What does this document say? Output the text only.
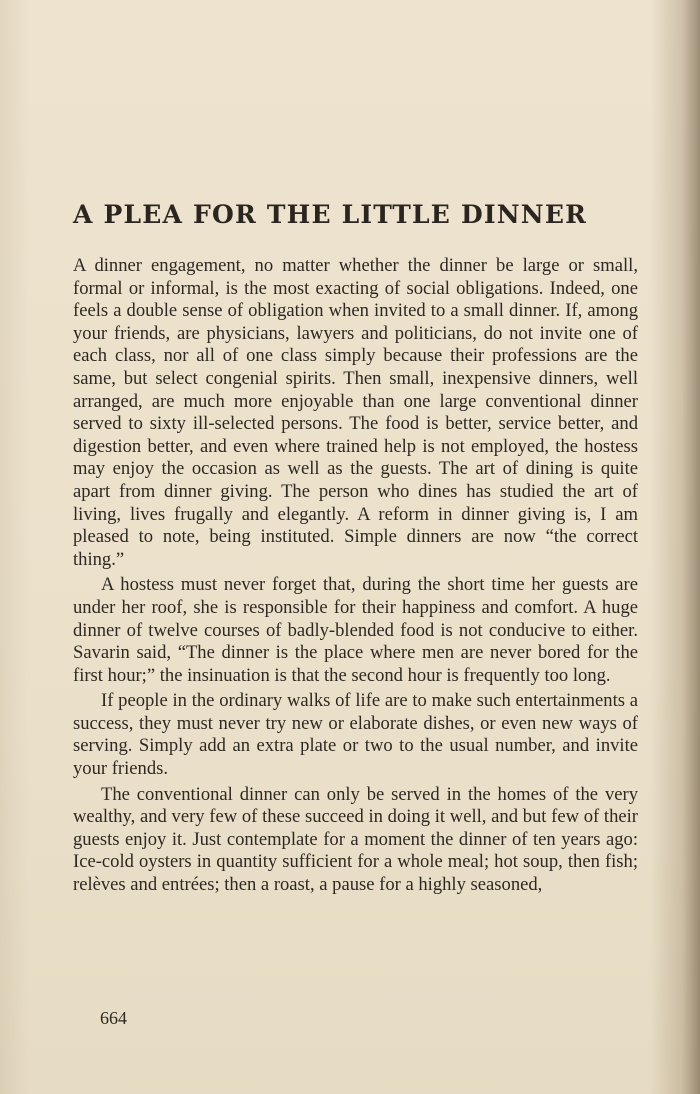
A PLEA FOR THE LITTLE DINNER

A dinner engagement, no matter whether the dinner be large or small, formal or informal, is the most exacting of social obligations. Indeed, one feels a double sense of obligation when invited to a small dinner. If, among your friends, are physicians, lawyers and politicians, do not invite one of each class, nor all of one class simply because their professions are the same, but select congenial spirits. Then small, inexpensive dinners, well arranged, are much more enjoyable than one large conventional dinner served to sixty ill-selected persons. The food is better, service better, and digestion better, and even where trained help is not employed, the hostess may enjoy the occasion as well as the guests. The art of dining is quite apart from dinner giving. The person who dines has studied the art of living, lives frugally and elegantly. A reform in dinner giving is, I am pleased to note, being instituted. Simple dinners are now “the correct thing.”

A hostess must never forget that, during the short time her guests are under her roof, she is responsible for their happiness and comfort. A huge dinner of twelve courses of badly-blended food is not conducive to either. Savarin said, “The dinner is the place where men are never bored for the first hour;” the insinuation is that the second hour is frequently too long.

If people in the ordinary walks of life are to make such entertainments a success, they must never try new or elaborate dishes, or even new ways of serving. Simply add an extra plate or two to the usual number, and invite your friends.

The conventional dinner can only be served in the homes of the very wealthy, and very few of these succeed in doing it well, and but few of their guests enjoy it. Just contemplate for a moment the dinner of ten years ago: Ice-cold oysters in quantity sufficient for a whole meal; hot soup, then fish; relèves and entrées; then a roast, a pause for a highly seasoned,

664
